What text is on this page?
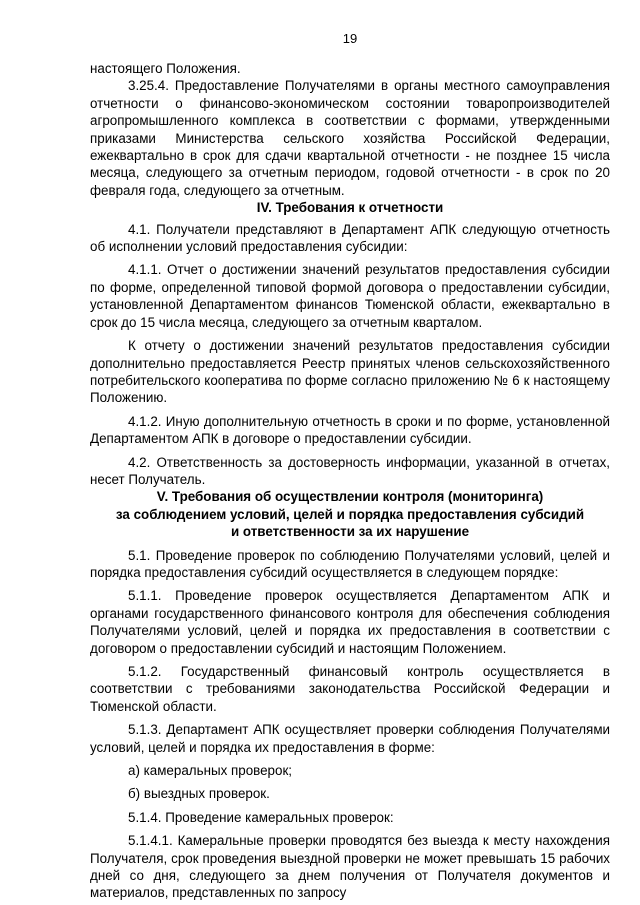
19

настоящего Положения.

3.25.4. Предоставление Получателями в органы местного самоуправления отчетности о финансово-экономическом состоянии товаропроизводителей агропромышленного комплекса в соответствии с формами, утвержденными приказами Министерства сельского хозяйства Российской Федерации, ежеквартально в срок для сдачи квартальной отчетности - не позднее 15 числа месяца, следующего за отчетным периодом, годовой отчетности - в срок по 20 февраля года, следующего за отчетным.

IV. Требования к отчетности

4.1. Получатели представляют в Департамент АПК следующую отчетность об исполнении условий предоставления субсидии:

4.1.1. Отчет о достижении значений результатов предоставления субсидии по форме, определенной типовой формой договора о предоставлении субсидии, установленной Департаментом финансов Тюменской области, ежеквартально в срок до 15 числа месяца, следующего за отчетным кварталом.

К отчету о достижении значений результатов предоставления субсидии дополнительно предоставляется Реестр принятых членов сельскохозяйственного потребительского кооператива по форме согласно приложению № 6 к настоящему Положению.

4.1.2. Иную дополнительную отчетность в сроки и по форме, установленной Департаментом АПК в договоре о предоставлении субсидии.

4.2. Ответственность за достоверность информации, указанной в отчетах, несет Получатель.

V. Требования об осуществлении контроля (мониторинга)
за соблюдением условий, целей и порядка предоставления субсидий
и ответственности за их нарушение

5.1. Проведение проверок по соблюдению Получателями условий, целей и порядка предоставления субсидий осуществляется в следующем порядке:

5.1.1. Проведение проверок осуществляется Департаментом АПК и органами государственного финансового контроля для обеспечения соблюдения Получателями условий, целей и порядка их предоставления в соответствии с договором о предоставлении субсидий и настоящим Положением.

5.1.2. Государственный финансовый контроль осуществляется в соответствии с требованиями законодательства Российской Федерации и Тюменской области.

5.1.3. Департамент АПК осуществляет проверки соблюдения Получателями условий, целей и порядка их предоставления в форме:

а) камеральных проверок;

б) выездных проверок.

5.1.4. Проведение камеральных проверок:

5.1.4.1. Камеральные проверки проводятся без выезда к месту нахождения Получателя, срок проведения выездной проверки не может превышать 15 рабочих дней со дня, следующего за днем получения от Получателя документов и материалов, представленных по запросу
